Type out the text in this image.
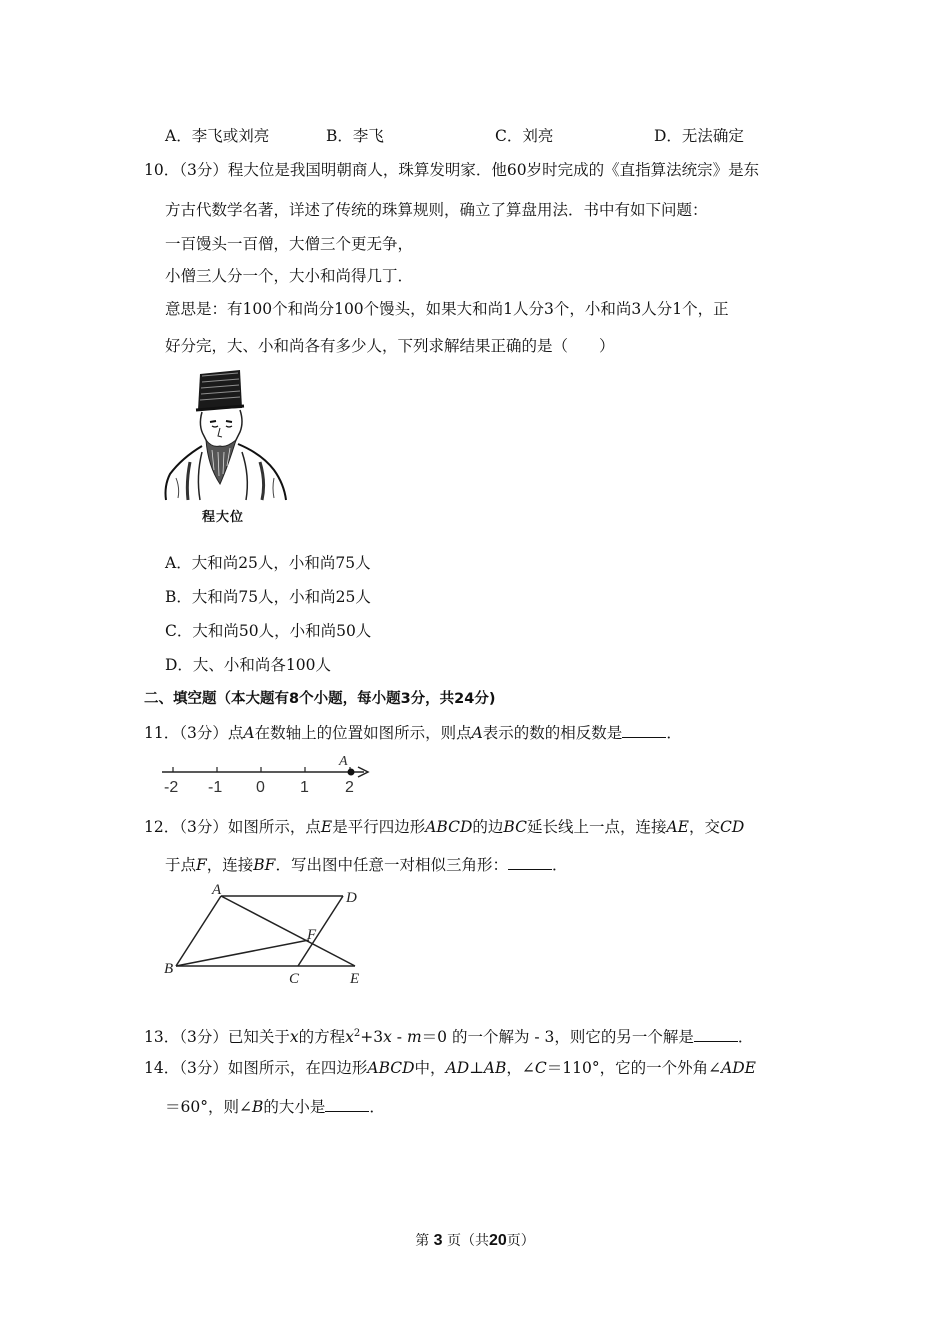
A．李飞或刘亮	B．李飞	C．刘亮	D．无法确定
10．（3分）程大位是我国明朝商人，珠算发明家．他60岁时完成的《直指算法统宗》是东
方古代数学名著，详述了传统的珠算规则，确立了算盘用法．书中有如下问题：
一百馒头一百僧，大僧三个更无争，
小僧三人分一个，大小和尚得几丁．
意思是：有100个和尚分100个馒头，如果大和尚1人分3个，小和尚3人分1个，正
好分完，大、小和尚各有多少人，下列求解结果正确的是（　　）
程大位
A．大和尚25人，小和尚75人
B．大和尚75人，小和尚25人
C．大和尚50人，小和尚50人
D．大、小和尚各100人
二、填空题（本大题有8个小题，每小题3分，共24分)
11．（3分）点A在数轴上的位置如图所示，则点A表示的数的相反数是	．
-2 -1 0 1 2
A
12．（3分）如图所示，点E是平行四边形ABCD的边BC延长线上一点，连接AE，交CD
于点F，连接BF．写出图中任意一对相似三角形：	．
A	D
B
C	E
F
13．（3分）已知关于x的方程$x^2+3x - m=0$ 的一个解为 - 3，则它的另一个解是	．
14．（3分）如图所示，在四边形ABCD中，AD⊥AB，∠C＝110°，它的一个外角∠ADE
＝60°，则∠B的大小是	．
第 3 页（共20页）
